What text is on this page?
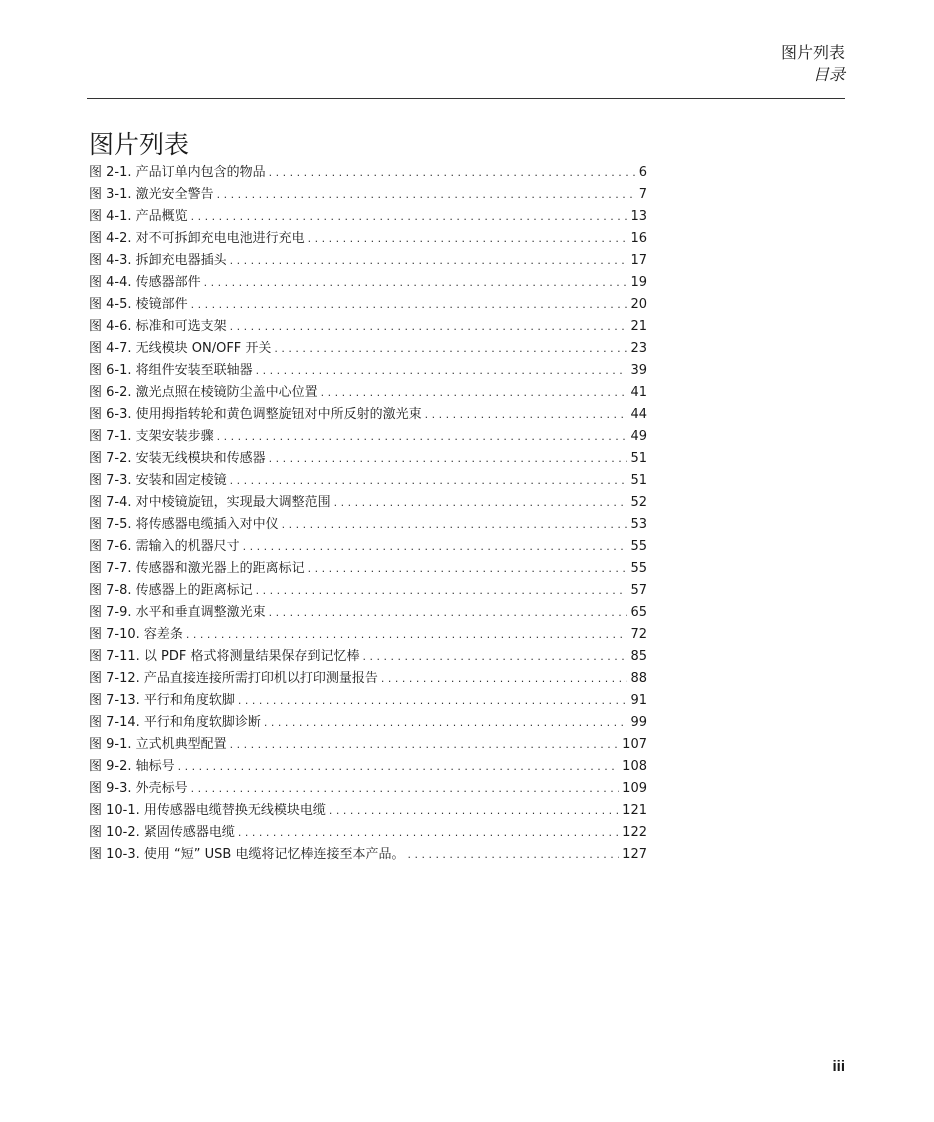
图片列表
目录
图片列表
图 2-1. 产品订单内包含的物品 . . .	6
图 3-1. 激光安全警告 . . .	7
图 4-1. 产品概览 . . .	13
图 4-2. 对不可拆卸充电电池进行充电 . . .	16
图 4-3. 拆卸充电器插头 . . .	17
图 4-4. 传感器部件 . . .	19
图 4-5. 棱镜部件 . . .	20
图 4-6. 标准和可选支架 . . .	21
图 4-7. 无线模块 ON/OFF 开关 . . .	23
图 6-1. 将组件安装至联轴器 . . .	39
图 6-2. 激光点照在棱镜防尘盖中心位置 . . .	41
图 6-3. 使用拇指转轮和黄色调整旋钮对中所反射的激光束 . . .	44
图 7-1. 支架安装步骤 . . .	49
图 7-2. 安装无线模块和传感器 . . .	51
图 7-3. 安装和固定棱镜 . . .	51
图 7-4. 对中棱镜旋钮，实现最大调整范围 . . .	52
图 7-5. 将传感器电缆插入对中仪 . . .	53
图 7-6. 需输入的机器尺寸 . . .	55
图 7-7. 传感器和激光器上的距离标记 . . .	55
图 7-8. 传感器上的距离标记 . . .	57
图 7-9. 水平和垂直调整激光束 . . .	65
图 7-10. 容差条 . . .	72
图 7-11. 以 PDF 格式将测量结果保存到记忆棒 . . .	85
图 7-12. 产品直接连接所需打印机以打印测量报告 . . .	88
图 7-13. 平行和角度软脚 . . .	91
图 7-14. 平行和角度软脚诊断 . . .	99
图 9-1. 立式机典型配置 . . .	107
图 9-2. 轴标号 . . .	108
图 9-3. 外壳标号 . . .	109
图 10-1. 用传感器电缆替换无线模块电缆 . . .	121
图 10-2. 紧固传感器电缆 . . .	122
图 10-3. 使用 “短” USB 电缆将记忆棒连接至本产品。 . . .	127
iii
